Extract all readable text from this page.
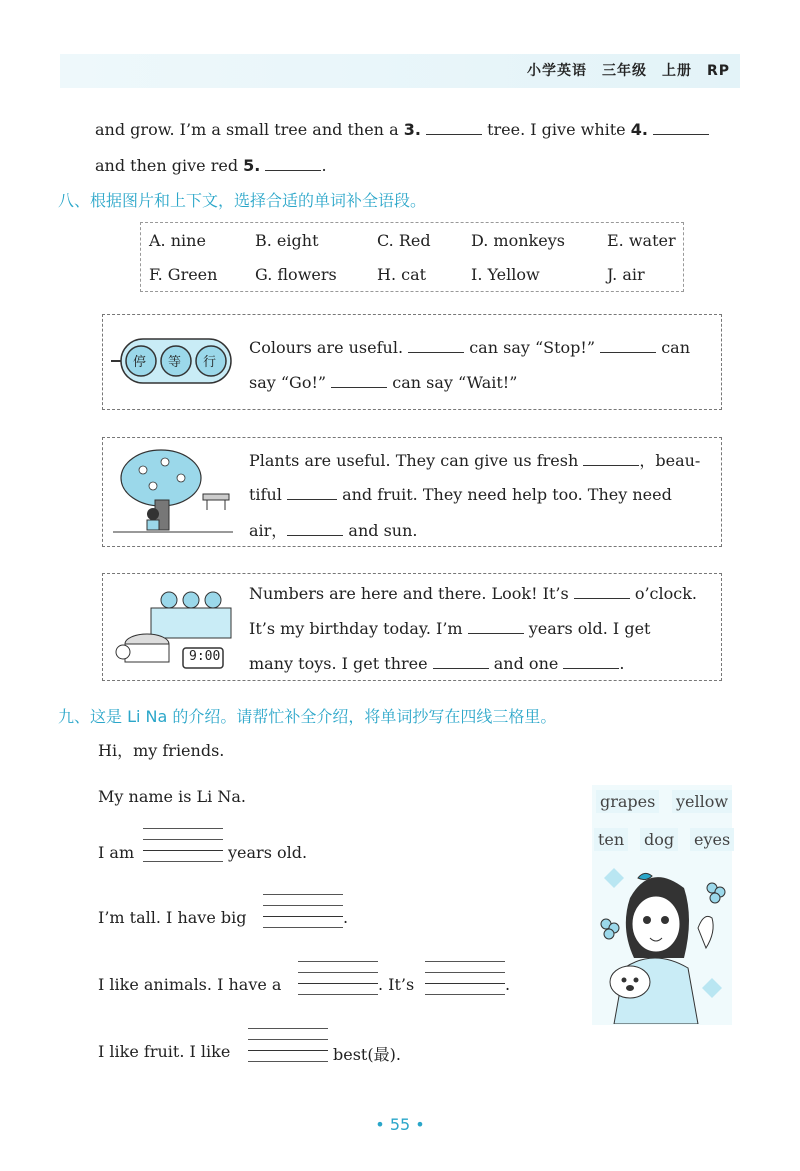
小学英语　三年级　上册　RP
and grow. I’m a small tree and then a 3.	tree. I give white 4.
and then give red 5.	.
八、根据图片和上下文，选择合适的单词补全语段。
A. nine	B. eight	C. Red	D. monkeys	E. water
F. Green G. flowers	H. cat	I. Yellow	J. air
停 等 行
Colours are useful.	can say “Stop!”	can
say “Go!”	can say “Wait!”
Plants are useful. They can give us fresh	，beau-
tiful	and fruit. They need help too. They need
air，	and sun.
9:00
Numbers are here and there. Look! It’s	o’clock.
It’s my birthday today. I’m	years old. I get
many toys. I get three	and one	.
九、这是 Li Na 的介绍。请帮忙补全介绍，将单词抄写在四线三格里。
Hi，my friends.
My name is Li Na.
I am	years old.
I’m tall. I have big	.
I like animals. I have a	. It’s	.
I like fruit. I like	best(最).
grapes yellow
ten dog eyes
• 55 •
